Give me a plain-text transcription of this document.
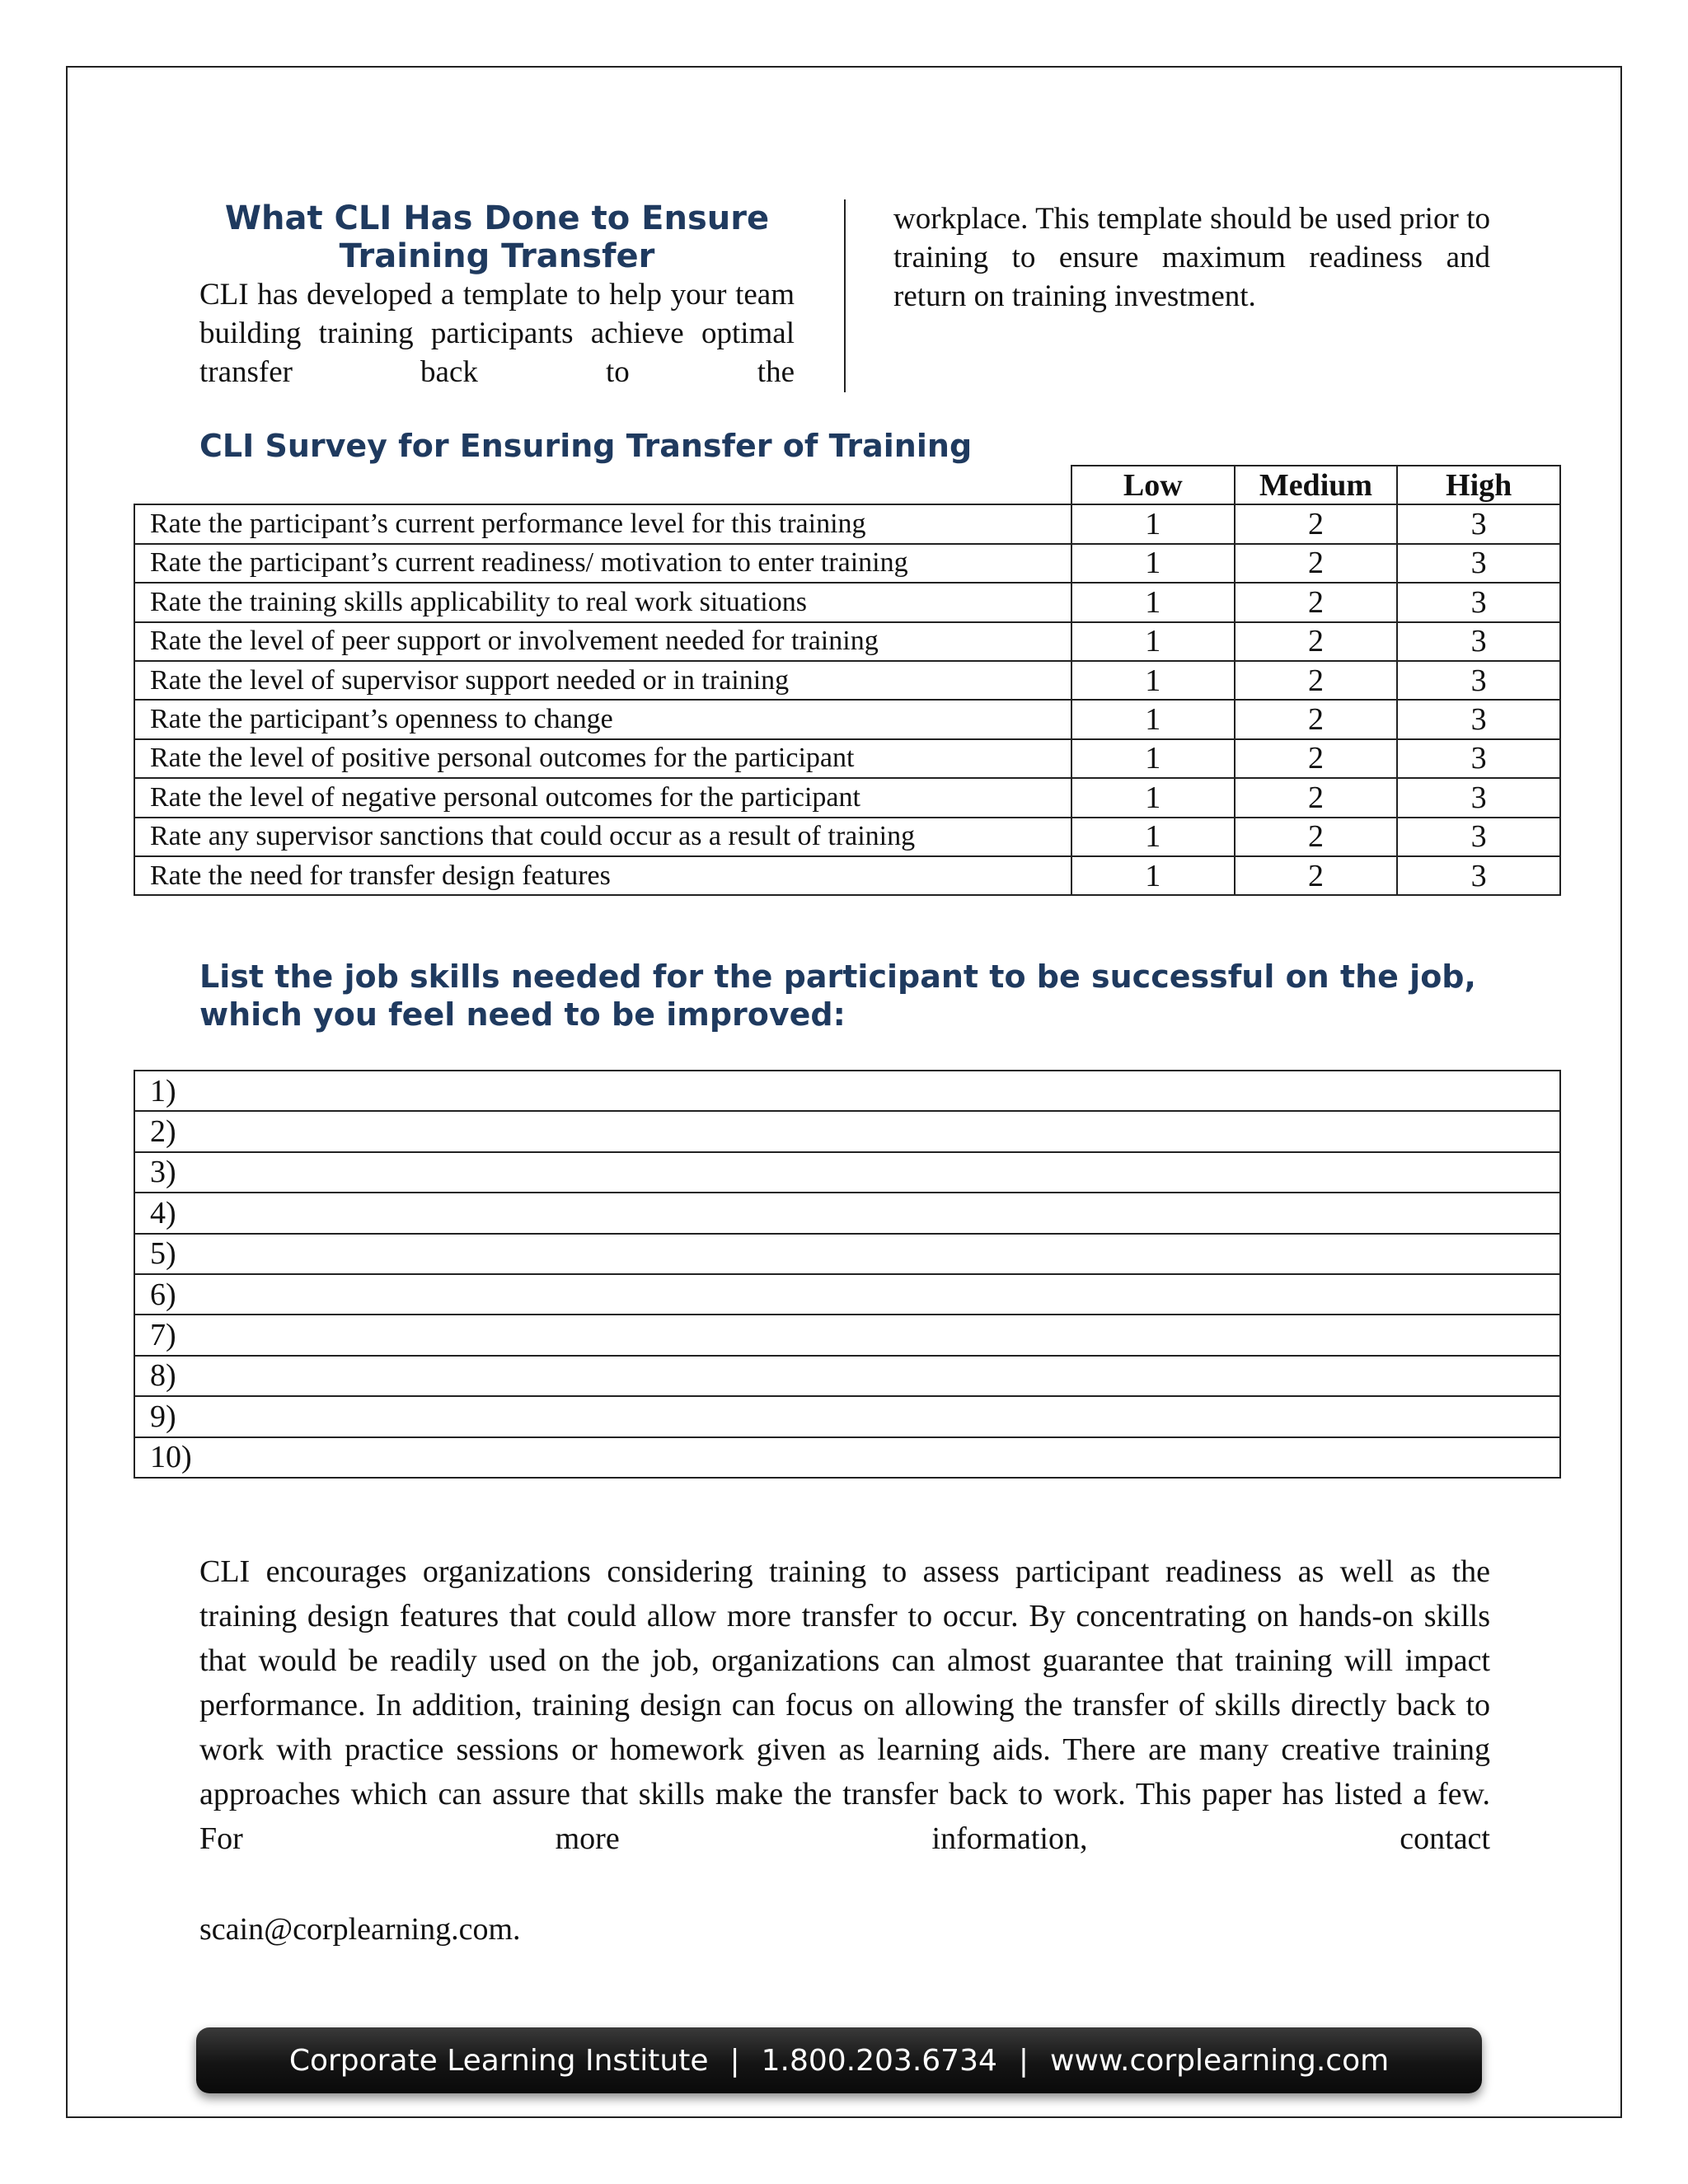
What CLI Has Done to Ensure
Training Transfer

CLI has developed a template to help your team building training participants achieve optimal transfer back to the

workplace. This template should be used prior to training to ensure maximum readiness and return on training investment.

CLI Survey for Ensuring Transfer of Training

	Low	Medium	High
Rate the participant’s current performance level for this training	1	2	3
Rate the participant’s current readiness/ motivation to enter training	1	2	3
Rate the training skills applicability to real work situations	1	2	3
Rate the level of peer support or involvement needed for training	1	2	3
Rate the level of supervisor support needed or in training	1	2	3
Rate the participant’s openness to change	1	2	3
Rate the level of positive personal outcomes for the participant	1	2	3
Rate the level of negative personal outcomes for the participant	1	2	3
Rate any supervisor sanctions that could occur as a result of training	1	2	3
Rate the need for transfer design features	1	2	3

List the job skills needed for the participant to be successful on the job,
which you feel need to be improved:

1)
2)
3)
4)
5)
6)
7)
8)
9)
10)

CLI encourages organizations considering training to assess participant readiness as well as the training design features that could allow more transfer to occur. By concentrating on hands-on skills that would be readily used on the job, organizations can almost guarantee that training will impact performance. In addition, training design can focus on allowing the transfer of skills directly back to work with practice sessions or homework given as learning aids. There are many creative training approaches which can assure that skills make the transfer back to work. This paper has listed a few. For more information, contact

scain@corplearning.com.

Corporate Learning Institute | 1.800.203.6734 | www.corplearning.com
